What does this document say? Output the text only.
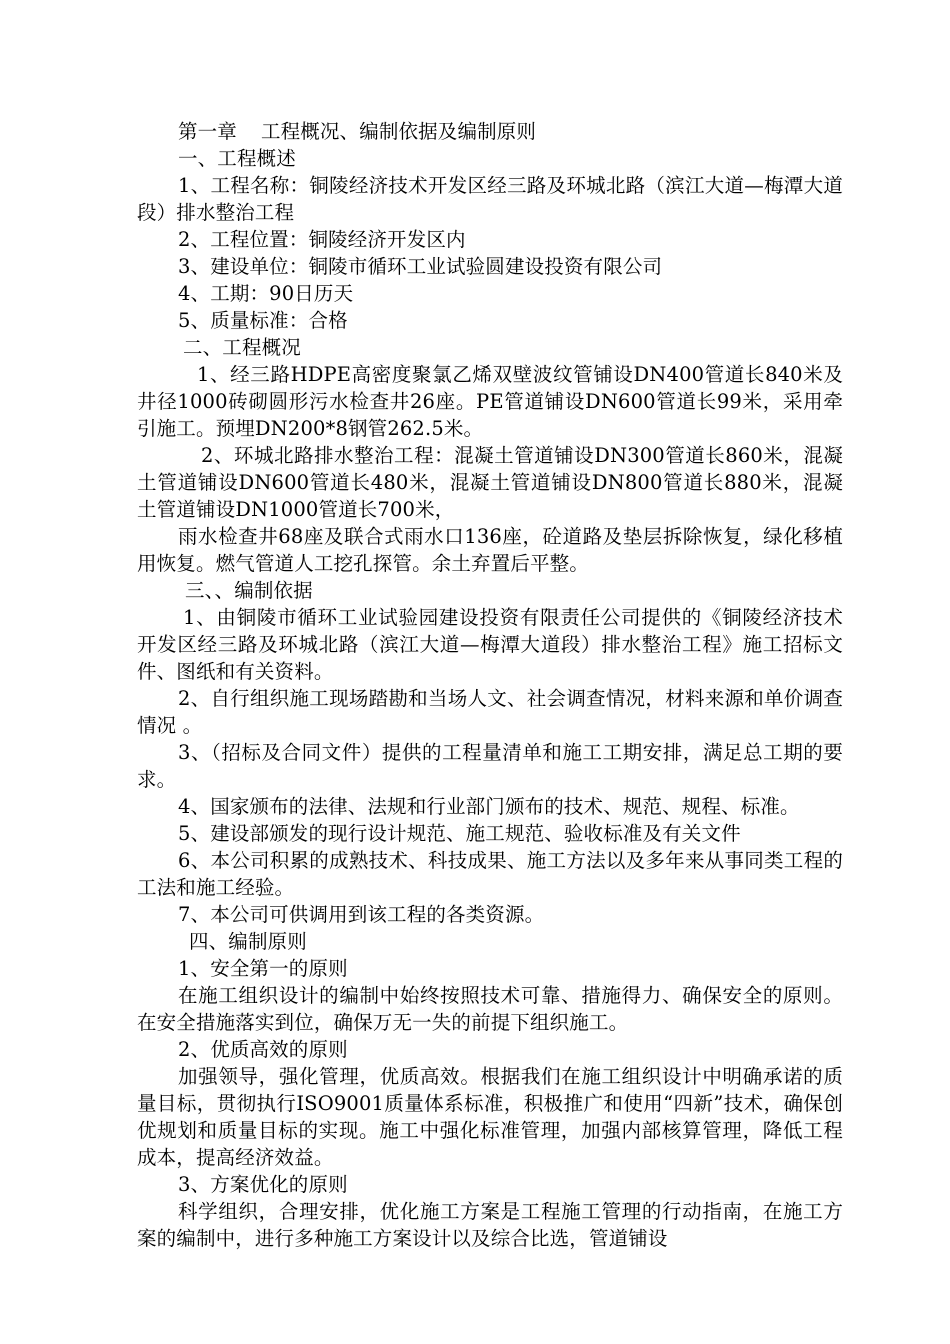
第一章 工程概况、编制依据及编制原则

一、工程概述

1、工程名称：铜陵经济技术开发区经三路及环城北路（滨江大道—梅潭大道段）排水整治工程

2、工程位置：铜陵经济开发区内

3、建设单位：铜陵市循环工业试验圆建设投资有限公司

4、工期：90日历天

5、质量标准：合格

二、工程概况

1、经三路HDPE高密度聚氯乙烯双壁波纹管铺设DN400管道长840米及井径1000砖砌圆形污水检查井26座。PE管道铺设DN600管道长99米，采用牵引施工。预埋DN200*8钢管262.5米。

2、环城北路排水整治工程：混凝土管道铺设DN300管道长860米，混凝土管道铺设DN600管道长480米，混凝土管道铺设DN800管道长880米，混凝土管道铺设DN1000管道长700米，

雨水检查井68座及联合式雨水口136座，砼道路及垫层拆除恢复，绿化移植用恢复。燃气管道人工挖孔探管。余土弃置后平整。

三、、编制依据

1、由铜陵市循环工业试验园建设投资有限责任公司提供的《铜陵经济技术开发区经三路及环城北路（滨江大道—梅潭大道段）排水整治工程》施工招标文件、图纸和有关资料。

2、自行组织施工现场踏勘和当场人文、社会调查情况，材料来源和单价调查情况 。

3、（招标及合同文件）提供的工程量清单和施工工期安排，满足总工期的要求。

4、国家颁布的法律、法规和行业部门颁布的技术、规范、规程、标准。

5、建设部颁发的现行设计规范、施工规范、验收标准及有关文件

6、本公司积累的成熟技术、科技成果、施工方法以及多年来从事同类工程的工法和施工经验。

7、本公司可供调用到该工程的各类资源。

四、编制原则

1、安全第一的原则

在施工组织设计的编制中始终按照技术可靠、措施得力、确保安全的原则。在安全措施落实到位，确保万无一失的前提下组织施工。

2、优质高效的原则

加强领导，强化管理，优质高效。根据我们在施工组织设计中明确承诺的质量目标，贯彻执行ISO9001质量体系标准，积极推广和使用“四新”技术，确保创优规划和质量目标的实现。施工中强化标准管理，加强内部核算管理，降低工程成本，提高经济效益。

3、方案优化的原则

科学组织，合理安排，优化施工方案是工程施工管理的行动指南，在施工方案的编制中，进行多种施工方案设计以及综合比选，管道铺设
